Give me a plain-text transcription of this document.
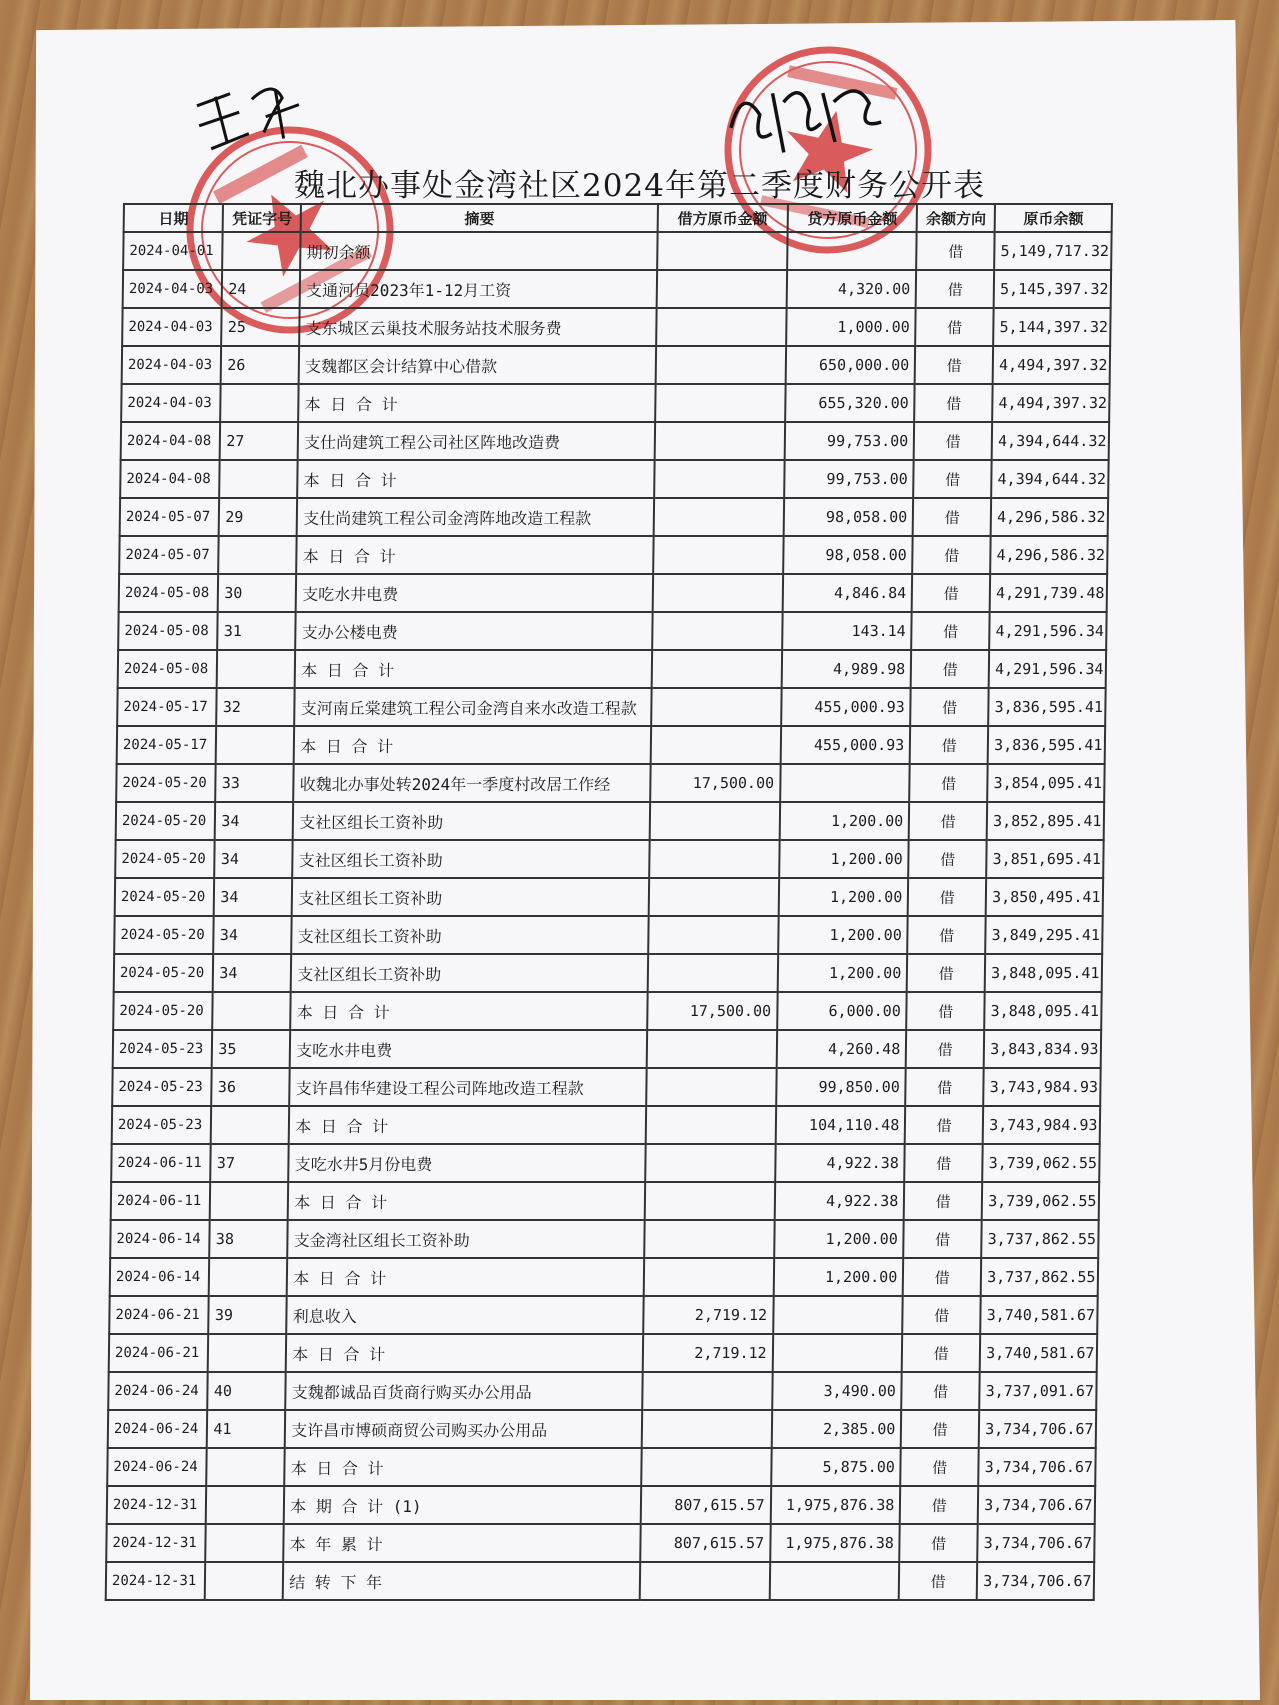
魏北办事处金湾社区2024年第二季度财务公开表
日期	凭证字号	摘要	借方原币金额	贷方原币金额	余额方向	原币余额
2024-04-01		期初余额			借	5,149,717.32
2024-04-03	24	支通河员2023年1-12月工资		4,320.00	借	5,145,397.32
2024-04-03	25	支东城区云巢技术服务站技术服务费		1,000.00	借	5,144,397.32
2024-04-03	26	支魏都区会计结算中心借款		650,000.00	借	4,494,397.32
2024-04-03		本 日 合 计		655,320.00	借	4,494,397.32
2024-04-08	27	支仕尚建筑工程公司社区阵地改造费		99,753.00	借	4,394,644.32
2024-04-08		本 日 合 计		99,753.00	借	4,394,644.32
2024-05-07	29	支仕尚建筑工程公司金湾阵地改造工程款		98,058.00	借	4,296,586.32
2024-05-07		本 日 合 计		98,058.00	借	4,296,586.32
2024-05-08	30	支吃水井电费		4,846.84	借	4,291,739.48
2024-05-08	31	支办公楼电费		143.14	借	4,291,596.34
2024-05-08		本 日 合 计		4,989.98	借	4,291,596.34
2024-05-17	32	支河南丘棠建筑工程公司金湾自来水改造工程款		455,000.93	借	3,836,595.41
2024-05-17		本 日 合 计		455,000.93	借	3,836,595.41
2024-05-20	33	收魏北办事处转2024年一季度村改居工作经	17,500.00		借	3,854,095.41
2024-05-20	34	支社区组长工资补助		1,200.00	借	3,852,895.41
2024-05-20	34	支社区组长工资补助		1,200.00	借	3,851,695.41
2024-05-20	34	支社区组长工资补助		1,200.00	借	3,850,495.41
2024-05-20	34	支社区组长工资补助		1,200.00	借	3,849,295.41
2024-05-20	34	支社区组长工资补助		1,200.00	借	3,848,095.41
2024-05-20		本 日 合 计	17,500.00	6,000.00	借	3,848,095.41
2024-05-23	35	支吃水井电费		4,260.48	借	3,843,834.93
2024-05-23	36	支许昌伟华建设工程公司阵地改造工程款		99,850.00	借	3,743,984.93
2024-05-23		本 日 合 计		104,110.48	借	3,743,984.93
2024-06-11	37	支吃水井5月份电费		4,922.38	借	3,739,062.55
2024-06-11		本 日 合 计		4,922.38	借	3,739,062.55
2024-06-14	38	支金湾社区组长工资补助		1,200.00	借	3,737,862.55
2024-06-14		本 日 合 计		1,200.00	借	3,737,862.55
2024-06-21	39	利息收入	2,719.12		借	3,740,581.67
2024-06-21		本 日 合 计	2,719.12		借	3,740,581.67
2024-06-24	40	支魏都诚品百货商行购买办公用品		3,490.00	借	3,737,091.67
2024-06-24	41	支许昌市博硕商贸公司购买办公用品		2,385.00	借	3,734,706.67
2024-06-24		本 日 合 计		5,875.00	借	3,734,706.67
2024-12-31		本 期 合 计 (1)	807,615.57	1,975,876.38	借	3,734,706.67
2024-12-31		本 年 累 计	807,615.57	1,975,876.38	借	3,734,706.67
2024-12-31		结 转 下 年			借	3,734,706.67
